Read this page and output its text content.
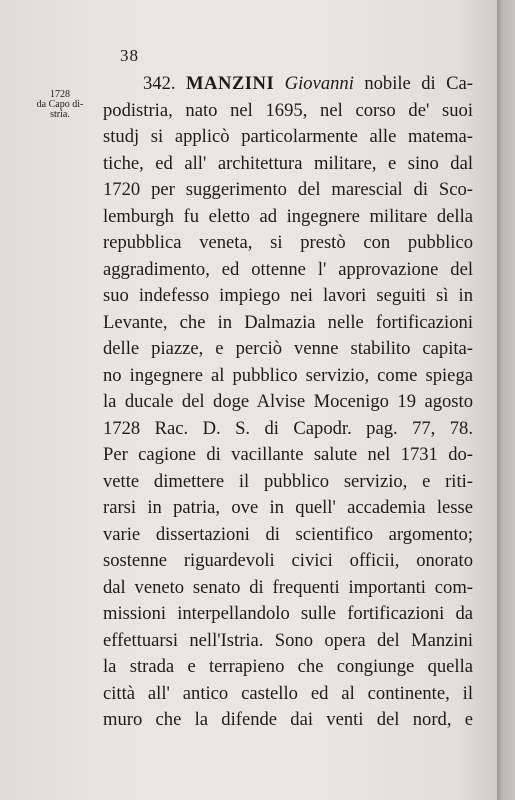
38
1728
da Capo di-
stria.
342. MANZINI Giovanni nobile di Ca-
podistria, nato nel 1695, nel corso de' suoi
studj si applicò particolarmente alle matema-
tiche, ed all' architettura militare, e sino dal
1720 per suggerimento del marescial di Sco-
lemburgh fu eletto ad ingegnere militare della
repubblica veneta, si prestò con pubblico
aggradimento, ed ottenne l' approvazione del
suo indefesso impiego nei lavori seguiti sì in
Levante, che in Dalmazia nelle fortificazioni
delle piazze, e perciò venne stabilito capita-
no ingegnere al pubblico servizio, come spiega
la ducale del doge Alvise Mocenigo 19 agosto
1728 Rac. D. S. di Capodr. pag. 77, 78.
Per cagione di vacillante salute nel 1731 do-
vette dimettere il pubblico servizio, e riti-
rarsi in patria, ove in quell' accademia lesse
varie dissertazioni di scientifico argomento;
sostenne riguardevoli civici officii, onorato
dal veneto senato di frequenti importanti com-
missioni interpellandolo sulle fortificazioni da
effettuarsi nell'Istria. Sono opera del Manzini
la strada e terrapieno che congiunge quella
città all' antico castello ed al continente, il
muro che la difende dai venti del nord, e
